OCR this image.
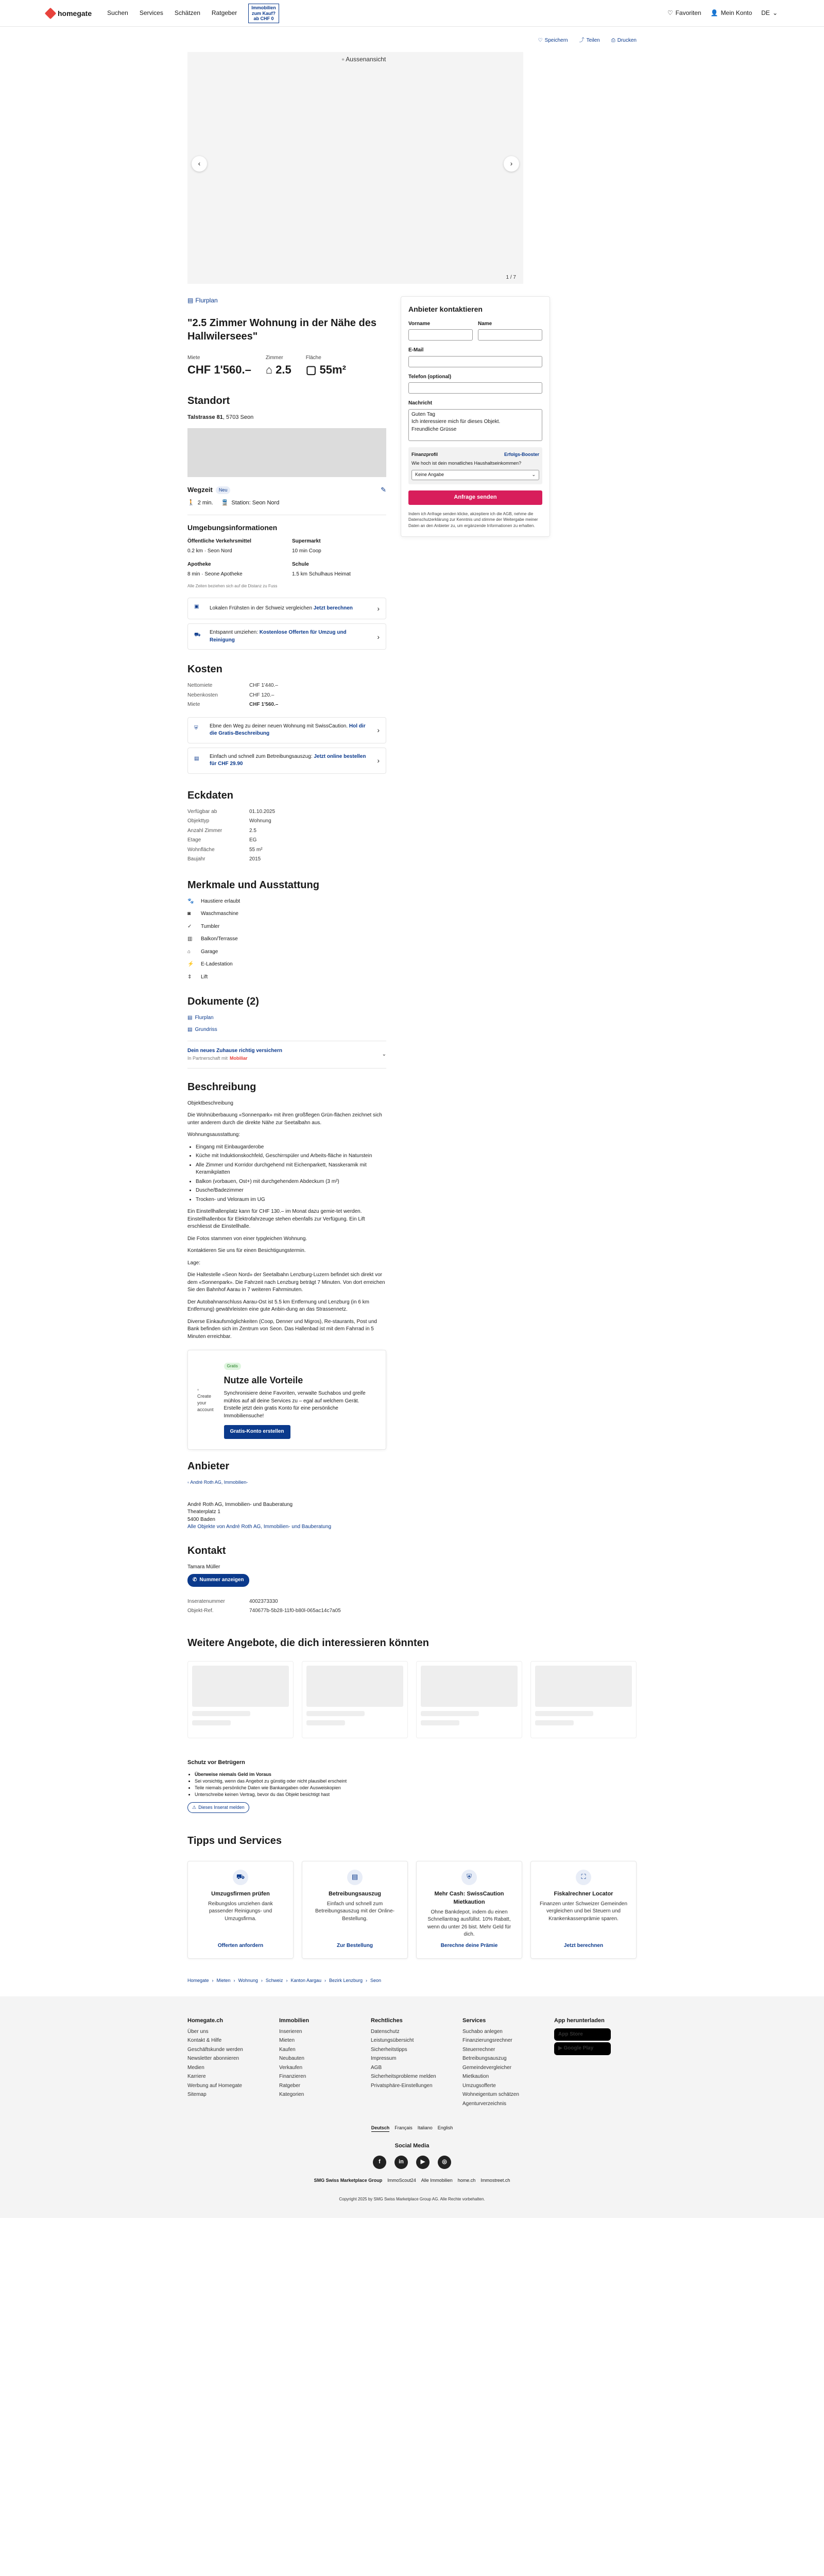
homegate	Suchen Services Schätzen Ratgeber
Immobilien
zum Kauf?
ab CHF 0
♡ Favoriten 👤 Mein Konto DE ⌄
♡ Speichern ⤴ Teilen ⎙ Drucken
▫ Aussenansicht
‹	›
1 / 7
▤ Flurplan
"2.5 Zimmer Wohnung in der Nähe des Hallwilersees"
Miete
CHF 1'560.–
Zimmer
⌂ 2.5
Fläche
▢ 55m²
Standort
Talstrasse 81, 5703 Seon
Wegzeit	Neu	✎
🚶 2 min. 🚆 Station: Seon Nord
Umgebungsinformationen
Öffentliche Verkehrsmittel
0.2 km · Seon Nord
Supermarkt
10 min Coop
Apotheke
8 min · Seone Apotheke
Schule
1.5 km Schulhaus Heimat
Alle Zeiten beziehen sich auf die Distanz zu Fuss
▣	Lokalen Frühsten in der Schweiz vergleichen Jetzt berechnen	›
⛟	Entspannt umziehen: Kostenlose Offerten für Umzug und Reinigung	›
Kosten
Nettomiete	CHF 1'440.–
Nebenkosten	CHF 120.–
Miete	CHF 1'560.–
⛨	Ebne den Weg zu deiner neuen Wohnung mit SwissCaution. Hol dir die Gratis-Beschreibung	›
▤	Einfach und schnell zum Betreibungsauszug: Jetzt online bestellen für CHF 29.90	›
Eckdaten
Verfügbar ab	01.10.2025
Objekttyp	Wohnung
Anzahl Zimmer	2.5
Etage	EG
Wohnfläche	55 m²
Baujahr	2015
Merkmale und Ausstattung
🐾 Haustiere erlaubt
◙	Waschmaschine
✓	Tumbler
▥	Balkon/Terrasse
⌂	Garage
⚡ E-Ladestation
⇕	Lift
Dokumente (2)
▤ Flurplan
▤ Grundriss
Dein neues Zuhause richtig versichern
In Partnerschaft mit Mobiliar
⌄
Beschreibung

Objektbeschreibung

Die Wohnüberbauung «Sonnenpark» mit ihren großflegen Grün-flächen zeichnet sich unter anderem durch die direkte Nähe zur Seetalbahn aus.

Wohnungsausstattung:

• Eingang mit Einbaugarderobe
• Küche mit Induktionskochfeld, Geschirrspüler und Arbeits-fläche in Naturstein
• Alle Zimmer und Korridor durchgehend mit Eichenparkett, Nasskeramik mit Keramikplatten
• Balkon (vorbauen, Ost+) mit durchgehendem Abdeckum (3 m²)
• Dusche/Badezimmer
• Trocken- und Veloraum im UG

Ein Einstellhallenplatz kann für CHF 130.– im Monat dazu gemie-tet werden. Einstellhallenbox für Elektrofahrzeuge stehen ebenfalls zur Verfügung. Ein Lift erschliesst die Einstellhalle.

Die Fotos stammen von einer typgleichen Wohnung.

Kontaktieren Sie uns für einen Besichtigungstermin.

Lage:

Die Haltestelle «Seon Nord» der Seetalbahn Lenzburg-Luzern befindet sich direkt vor dem «Sonnenpark». Die Fahrzeit nach Lenzburg beträgt 7 Minuten. Von dort erreichen Sie den Bahnhof Aarau in 7 weiteren Fahrminuten.

Der Autobahnanschluss Aarau-Ost ist 5.5 km Entfernung und Lenzburg (in 6 km Entfernung) gewährleisten eine gute Anbin-dung an das Strassennetz.

Diverse Einkaufsmöglichkeiten (Coop, Denner und Migros), Re-staurants, Post und Bank befinden sich im Zentrum von Seon. Das Hallenbad ist mit dem Fahrrad in 5 Minuten erreichbar.

▫ Create your account
Gratis
Nutze alle Vorteile
Synchronisiere deine Favoriten, verwalte Suchabos und greife mühlos auf all deine Services zu – egal auf welchem Gerät. Erstelle jetzt dein gratis Konto für eine persönliche Immobiliensuche!
Gratis-Konto erstellen
Anbieter
▫ André Roth AG, Immobilien-
André Roth AG, Immobilien- und Bauberatung
Theaterplatz 1
5400 Baden
Alle Objekte von André Roth AG, Immobilien- und Bauberatung
Kontakt
Tamara Müller
✆ Nummer anzeigen
Inseratenummer	4002373330
Objekt-Ref.	740677b-5b28-11f0-b80l-065ac14c7a05
Anbieter kontaktieren
Vorname	Name
E-Mail
Telefon (optional)
Nachricht
Guten Tag
Ich interessiere mich für dieses Objekt.
Freundliche Grüsse
Finanzprofil	Erfolgs-Booster
Wie hoch ist dein monatliches Haushaltseinkommen?
Keine Angabe	⌄
Anfrage senden
Indem ich Anfrage senden klicke, akzeptiere ich die AGB, nehme die Datenschutzerklärung zur Kenntnis und stimme der Weitergabe meiner Daten an den Anbieter zu, um ergänzende Informationen zu erhalten.
Weitere Angebote, die dich interessieren könnten
Schutz vor Betrügern
• Überweise niemals Geld im Voraus
• Sei vorsichtig, wenn das Angebot zu günstig oder nicht plausibel erscheint
• Teile niemals persönliche Daten wie Bankangaben oder Ausweiskopien
• Unterschreibe keinen Vertrag, bevor du das Objekt besichtigt hast
⚠ Dieses Inserat melden
Tipps und Services
⛟
Umzugsfirmen prüfen

Reibungslos umziehen dank passender Reinigungs- und Umzugsfirma.

Offerten anfordern
▤
Betreibungsauszug

Einfach und schnell zum Betreibungsauszug mit der Online-Bestellung.

Zur Bestellung
⛨
Mehr Cash: SwissCaution Mietkaution

Ohne Bankdepot, indem du einen Schnellantrag ausfüllst. 10% Rabatt, wenn du unter 26 bist. Mehr Geld für dich.

Berechne deine Prämie
⛶
Fiskalrechner Locator

Finanzen unter Schweizer Gemeinden vergleichen und bei Steuern und Krankenkassenprämie sparen.

Jetzt berechnen
Homegate › Mieten › Wohnung › Schweiz › Kanton Aargau › Bezirk Lenzburg › Seon
Homegate.ch
Über uns
Kontakt & Hilfe
Geschäftskunde werden
Newsletter abonnieren
Medien
Karriere
Werbung auf Homegate
Sitemap
Immobilien
Inserieren
Mieten
Kaufen
Neubauten
Verkaufen
Finanzieren
Ratgeber
Kategorien
Rechtliches
Datenschutz
Leistungsübersicht
Sicherheitstipps
Impressum
AGB
Sicherheitsprobleme melden
Privatsphäre-Einstellungen
Services
Suchabo anlegen
Finanzierungsrechner
Steuerrechner
Betreibungsauszug
Gemeindevergleicher
Mietkaution
Umzugsofferte
Wohneigentum schätzen
Agenturverzeichnis
App herunterladen
App Store
▶ Google Play
Deutsch Français Italiano English
Social Media
f	in	▶	◎
SMG Swiss Marketplace Group ImmoScout24 Alle Immobilien home.ch Immostreet.ch
Copyright 2025 by SMG Swiss Marketplace Group AG. Alle Rechte vorbehalten.
